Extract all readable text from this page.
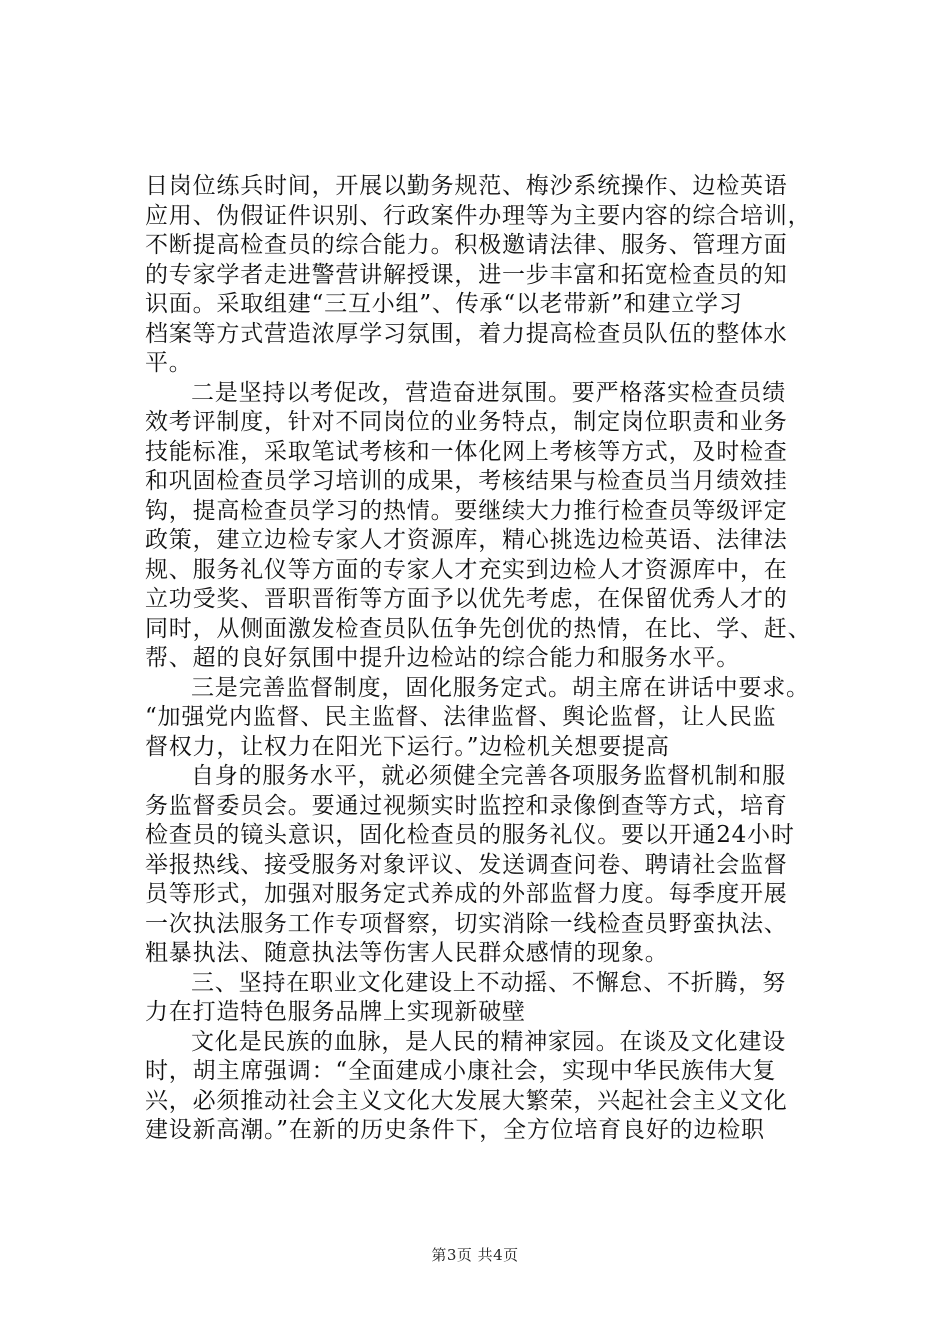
日岗位练兵时间，开展以勤务规范、梅沙系统操作、边检英语
应用、伪假证件识别、行政案件办理等为主要内容的综合培训，
不断提高检查员的综合能力。积极邀请法律、服务、管理方面
的专家学者走进警营讲解授课，进一步丰富和拓宽检查员的知
识面。采取组建“三互小组”、传承“以老带新”和建立学习
档案等方式营造浓厚学习氛围，着力提高检查员队伍的整体水
平。
二是坚持以考促改，营造奋进氛围。要严格落实检查员绩
效考评制度，针对不同岗位的业务特点，制定岗位职责和业务
技能标准，采取笔试考核和一体化网上考核等方式，及时检查
和巩固检查员学习培训的成果，考核结果与检查员当月绩效挂
钩，提高检查员学习的热情。要继续大力推行检查员等级评定
政策，建立边检专家人才资源库，精心挑选边检英语、法律法
规、服务礼仪等方面的专家人才充实到边检人才资源库中，在
立功受奖、晋职晋衔等方面予以优先考虑，在保留优秀人才的
同时，从侧面激发检查员队伍争先创优的热情，在比、学、赶、
帮、超的良好氛围中提升边检站的综合能力和服务水平。
三是完善监督制度，固化服务定式。胡主席在讲话中要求。
“加强党内监督、民主监督、法律监督、舆论监督，让人民监
督权力，让权力在阳光下运行。”边检机关想要提高
自身的服务水平，就必须健全完善各项服务监督机制和服
务监督委员会。要通过视频实时监控和录像倒查等方式，培育
检查员的镜头意识，固化检查员的服务礼仪。要以开通24小时
举报热线、接受服务对象评议、发送调查问卷、聘请社会监督
员等形式，加强对服务定式养成的外部监督力度。每季度开展
一次执法服务工作专项督察，切实消除一线检查员野蛮执法、
粗暴执法、随意执法等伤害人民群众感情的现象。
三、坚持在职业文化建设上不动摇、不懈怠、不折腾，努
力在打造特色服务品牌上实现新破壁
文化是民族的血脉，是人民的精神家园。在谈及文化建设
时，胡主席强调：“全面建成小康社会，实现中华民族伟大复
兴，必须推动社会主义文化大发展大繁荣，兴起社会主义文化
建设新高潮。”在新的历史条件下，全方位培育良好的边检职
第3页 共4页
